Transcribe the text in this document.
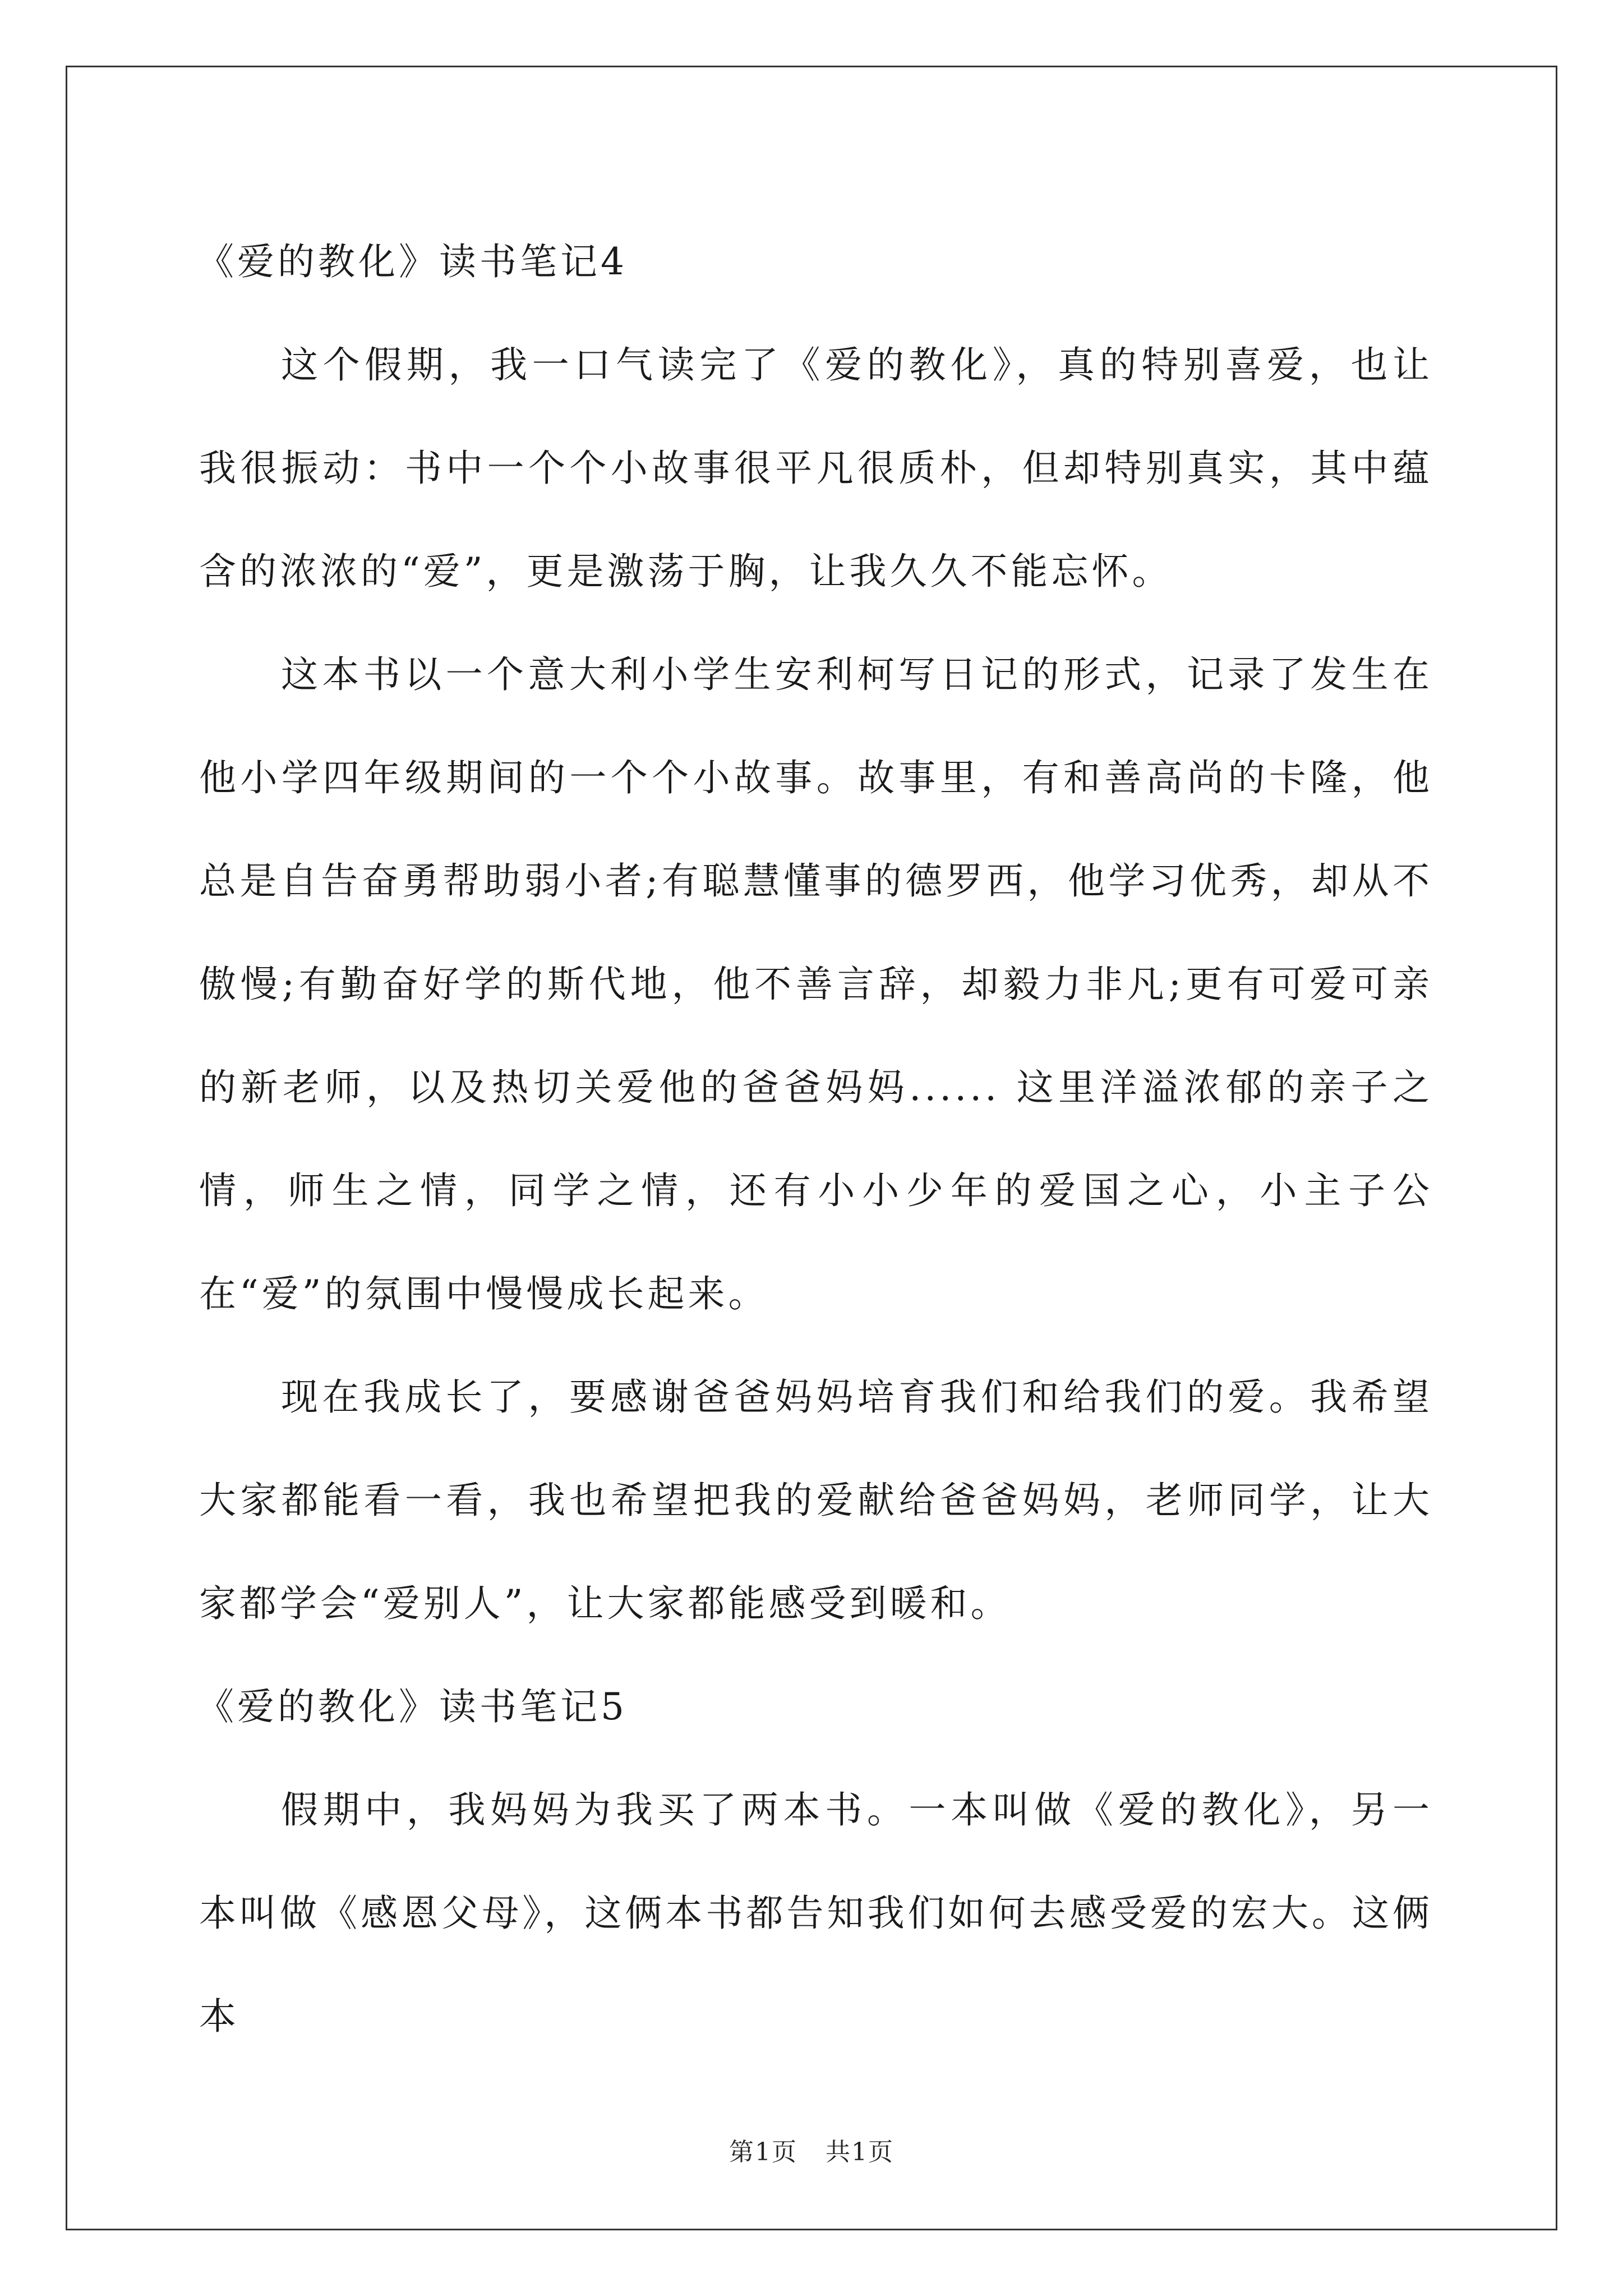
《爱的教化》读书笔记4

这个假期，我一口气读完了《爱的教化》，真的特别喜爱，也让我很振动：书中一个个小故事很平凡很质朴，但却特别真实，其中蕴含的浓浓的“爱”，更是激荡于胸，让我久久不能忘怀。

这本书以一个意大利小学生安利柯写日记的形式，记录了发生在他小学四年级期间的一个个小故事。故事里，有和善高尚的卡隆，他总是自告奋勇帮助弱小者;有聪慧懂事的德罗西，他学习优秀，却从不傲慢;有勤奋好学的斯代地，他不善言辞，却毅力非凡;更有可爱可亲的新老师，以及热切关爱他的爸爸妈妈...... 这里洋溢浓郁的亲子之情，师生之情，同学之情，还有小小少年的爱国之心，小主子公在“爱”的氛围中慢慢成长起来。

现在我成长了，要感谢爸爸妈妈培育我们和给我们的爱。我希望大家都能看一看，我也希望把我的爱献给爸爸妈妈，老师同学，让大家都学会“爱别人”，让大家都能感受到暖和。

《爱的教化》读书笔记5

假期中，我妈妈为我买了两本书。一本叫做《爱的教化》，另一本叫做《感恩父母》，这俩本书都告知我们如何去感受爱的宏大。这俩本

第1页 共1页
